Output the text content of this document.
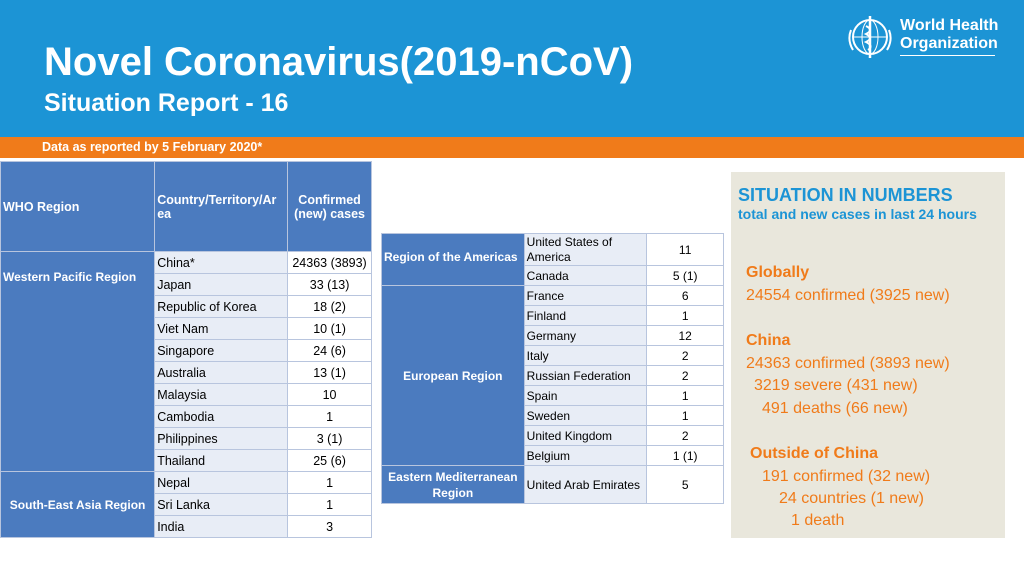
Novel Coronavirus(2019-nCoV)
Situation Report - 16
World Health
Organization
Data as reported by 5 February 2020*
WHO Region	Country/Territory/Ar ea	Confirmed (new) cases
Western Pacific Region	China*	24363 (3893)
	Japan	33 (13)
	Republic of Korea	18 (2)
	Viet Nam	10 (1)
	Singapore	24 (6)
	Australia	13 (1)
	Malaysia	10
	Cambodia	1
	Philippines	3 (1)
	Thailand	25 (6)
South-East Asia Region	Nepal	1
	Sri Lanka	1
	India	3
Region of the Americas	United States of America	11
	Canada	5 (1)
European Region	France	6
	Finland	1
	Germany	12
	Italy	2
	Russian Federation	2
	Spain	1
	Sweden	1
	United Kingdom	2
	Belgium	1 (1)
Eastern Mediterranean Region	United Arab Emirates	5
SITUATION IN NUMBERS
total and new cases in last 24 hours
Globally
24554 confirmed (3925 new)
China
24363 confirmed (3893 new)
3219 severe (431 new)
491 deaths (66 new)
Outside of China
191 confirmed (32 new)
24 countries (1 new)
1 death
